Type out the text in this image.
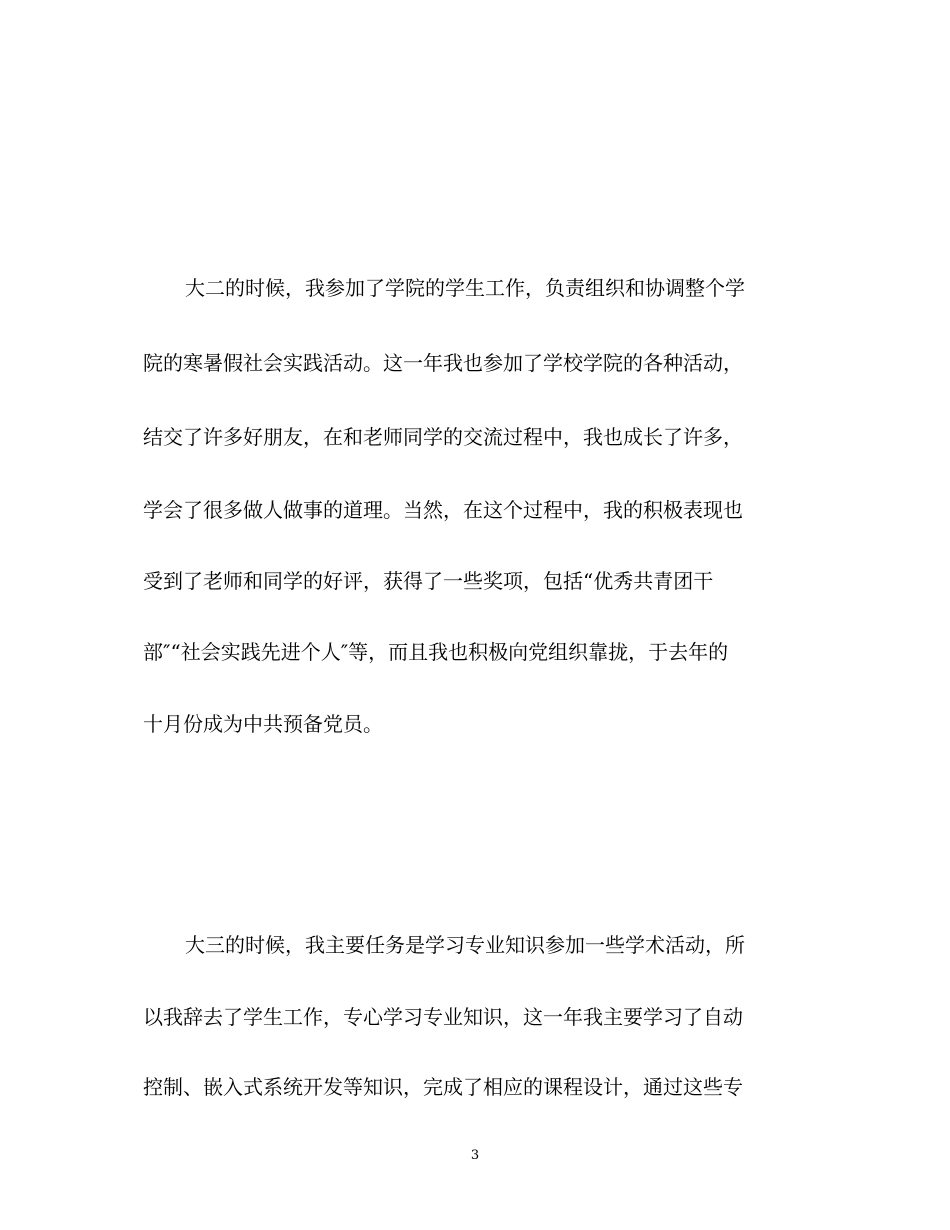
大二的时候，我参加了学院的学生工作，负责组织和协调整个学
院的寒暑假社会实践活动。这一年我也参加了学校学院的各种活动，
结交了许多好朋友，在和老师同学的交流过程中，我也成长了许多，
学会了很多做人做事的道理。当然，在这个过程中，我的积极表现也
受到了老师和同学的好评，获得了一些奖项，包括“优秀共青团干
部″“社会实践先进个人″等，而且我也积极向党组织靠拢，于去年的
十月份成为中共预备党员。
大三的时候，我主要任务是学习专业知识参加一些学术活动，所
以我辞去了学生工作，专心学习专业知识，这一年我主要学习了自动
控制、嵌入式系统开发等知识，完成了相应的课程设计，通过这些专
3
